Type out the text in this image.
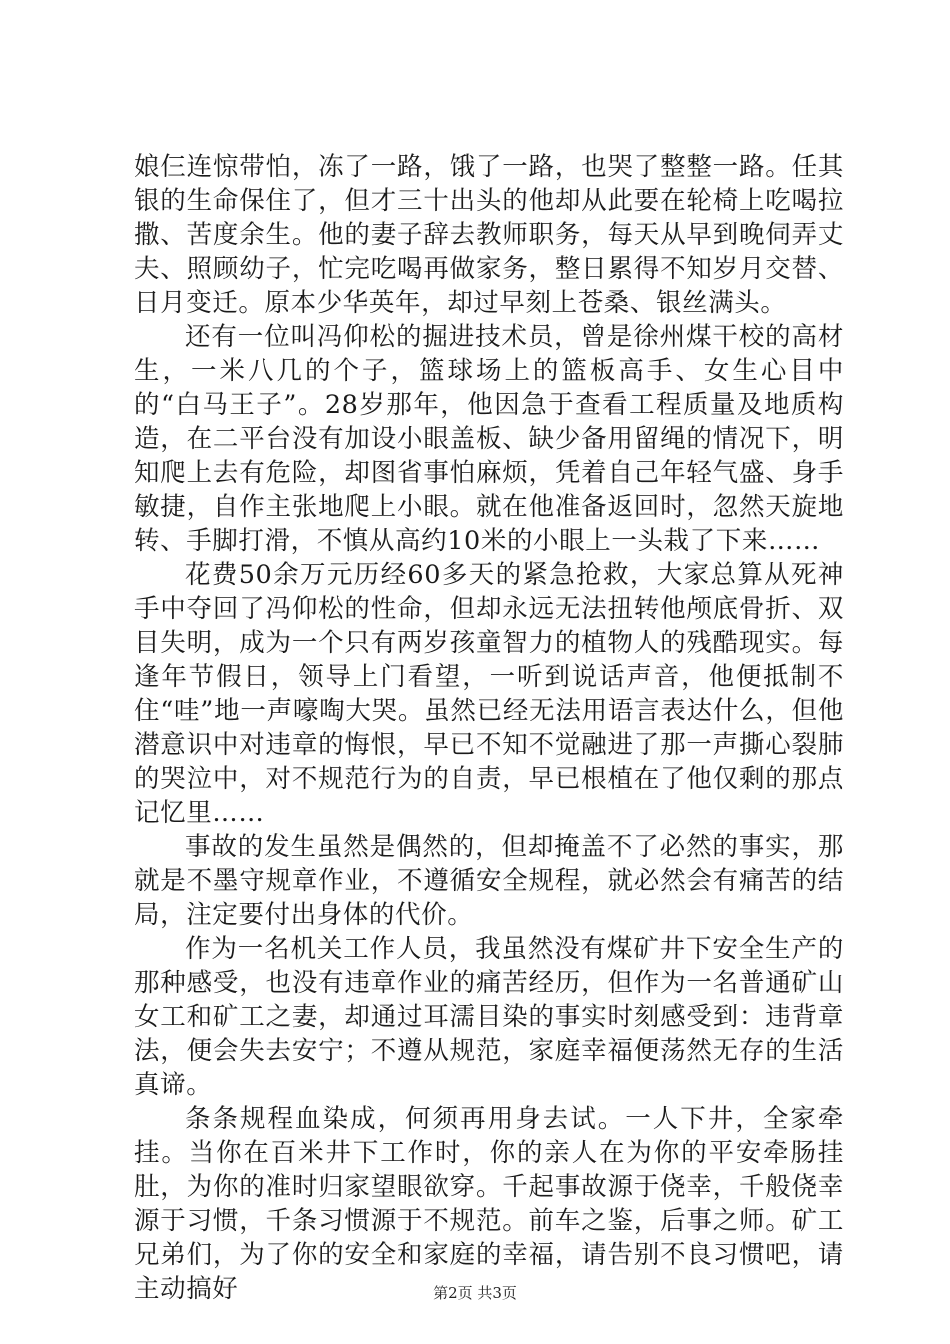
娘仨连惊带怕，冻了一路，饿了一路，也哭了整整一路。任其银的生命保住了，但才三十出头的他却从此要在轮椅上吃喝拉撒、苦度余生。他的妻子辞去教师职务，每天从早到晚伺弄丈夫、照顾幼子，忙完吃喝再做家务，整日累得不知岁月交替、日月变迁。原本少华英年，却过早刻上苍桑、银丝满头。

还有一位叫冯仰松的掘进技术员，曾是徐州煤干校的高材生，一米八几的个子，篮球场上的篮板高手、女生心目中的“白马王子”。28岁那年，他因急于查看工程质量及地质构造，在二平台没有加设小眼盖板、缺少备用留绳的情况下，明知爬上去有危险，却图省事怕麻烦，凭着自己年轻气盛、身手敏捷，自作主张地爬上小眼。就在他准备返回时，忽然天旋地转、手脚打滑，不慎从高约10米的小眼上一头栽了下来……

花费50余万元历经60多天的紧急抢救，大家总算从死神手中夺回了冯仰松的性命，但却永远无法扭转他颅底骨折、双目失明，成为一个只有两岁孩童智力的植物人的残酷现实。每逢年节假日，领导上门看望，一听到说话声音，他便抵制不住“哇”地一声嚎啕大哭。虽然已经无法用语言表达什么，但他潜意识中对违章的悔恨，早已不知不觉融进了那一声撕心裂肺的哭泣中，对不规范行为的自责，早已根植在了他仅剩的那点记忆里……

事故的发生虽然是偶然的，但却掩盖不了必然的事实，那就是不墨守规章作业，不遵循安全规程，就必然会有痛苦的结局，注定要付出身体的代价。

作为一名机关工作人员，我虽然没有煤矿井下安全生产的那种感受，也没有违章作业的痛苦经历，但作为一名普通矿山女工和矿工之妻，却通过耳濡目染的事实时刻感受到：违背章法，便会失去安宁；不遵从规范，家庭幸福便荡然无存的生活真谛。

条条规程血染成，何须再用身去试。一人下井，全家牵挂。当你在百米井下工作时，你的亲人在为你的平安牵肠挂肚，为你的准时归家望眼欲穿。千起事故源于侥幸，千般侥幸源于习惯，千条习惯源于不规范。前车之鉴，后事之师。矿工兄弟们，为了你的安全和家庭的幸福，请告别不良习惯吧，请主动搞好	第2页 共3页
